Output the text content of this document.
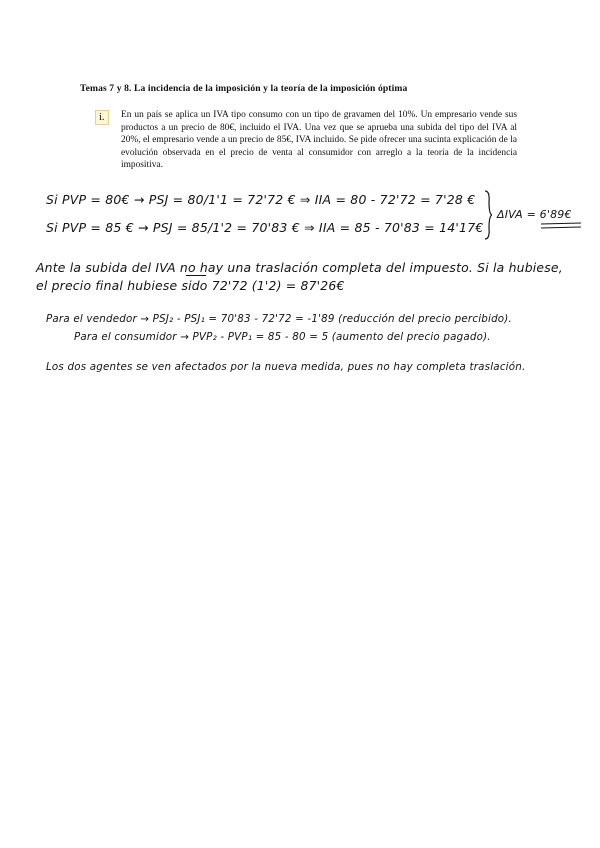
Temas 7 y 8. La incidencia de la imposición y la teoría de la imposición óptima
i.	En un país se aplica un IVA tipo consumo con un tipo de gravamen del 10%. Un empresario vende sus productos a un precio de 80€, incluido el IVA. Una vez que se aprueba una subida del tipo del IVA al 20%, el empresario vende a un precio de 85€, IVA incluido. Se pide ofrecer una sucinta explicación de la evolución observada en el precio de venta al consumidor con arreglo a la teoría de la incidencia impositiva.
Si PVP = 80€ → PSJ = 80/1'1 = 72'72 € ⇒ IIA = 80 - 72'72 = 7'28 €
Si PVP = 85 € → PSJ = 85/1'2 = 70'83 € ⇒ IIA = 85 - 70'83 = 14'17€
ΔIVA = 6'89€
Ante la subida del IVA no hay una traslación completa del impuesto. Si la hubiese,
el precio final hubiese sido 72'72 (1'2) = 87'26€
Para el vendedor → PSJ₂ - PSJ₁ = 70'83 - 72'72 = -1'89 (reducción del precio percibido).
Para el consumidor → PVP₂ - PVP₁ = 85 - 80 = 5 (aumento del precio pagado).
Los dos agentes se ven afectados por la nueva medida, pues no hay completa traslación.
